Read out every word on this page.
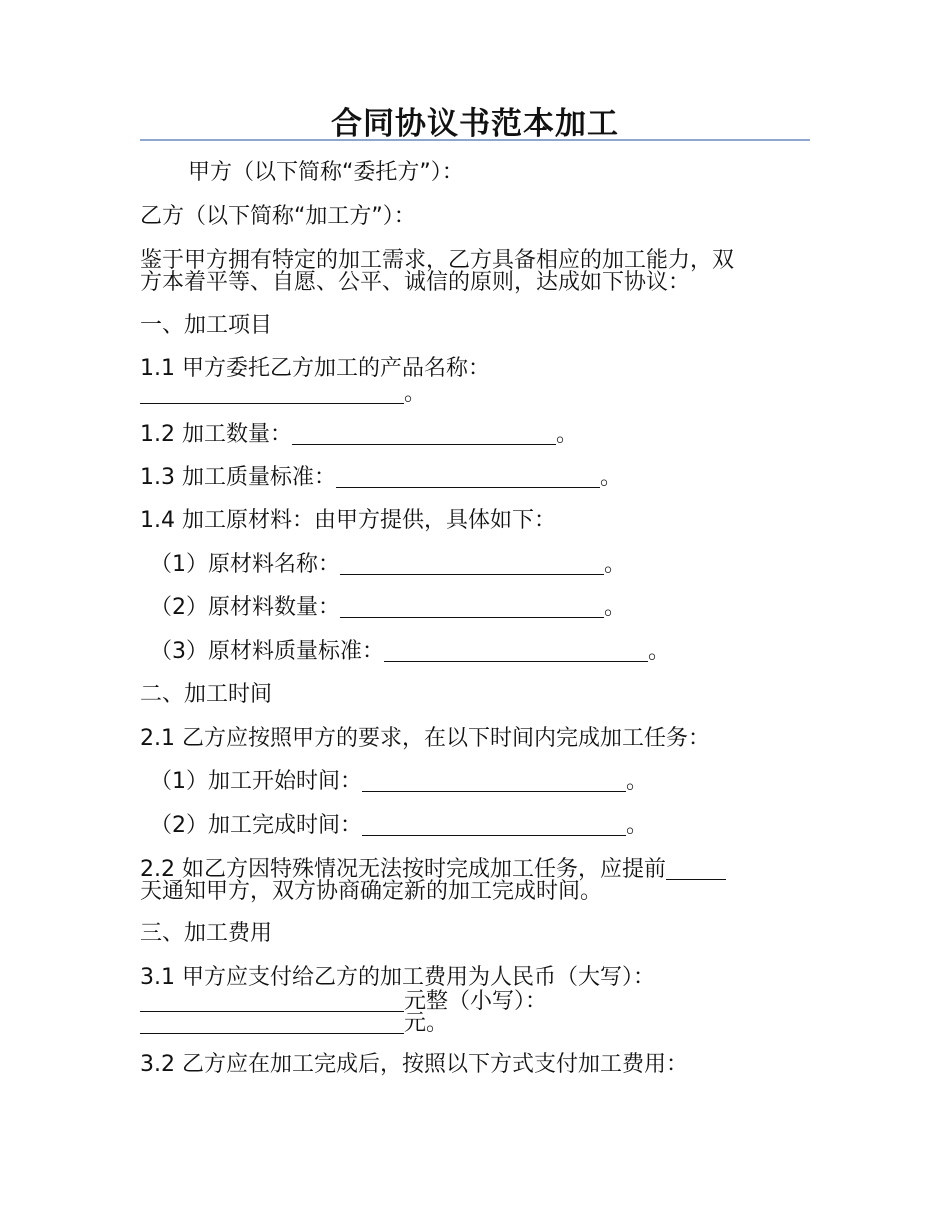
合同协议书范本加工
甲方（以下简称“委托方”）：
乙方（以下简称“加工方”）：
鉴于甲方拥有特定的加工需求，乙方具备相应的加工能力，双
方本着平等、自愿、公平、诚信的原则，达成如下协议：
一、加工项目
1.1 甲方委托乙方加工的产品名称：
。
1.2 加工数量：	。
1.3 加工质量标准：	。
1.4 加工原材料：由甲方提供，具体如下：
（1）原材料名称：	。
（2）原材料数量：	。
（3）原材料质量标准：	。
二、加工时间
2.1 乙方应按照甲方的要求，在以下时间内完成加工任务：
（1）加工开始时间：	。
（2）加工完成时间：	。
2.2 如乙方因特殊情况无法按时完成加工任务，应提前
天通知甲方，双方协商确定新的加工完成时间。
三、加工费用
3.1 甲方应支付给乙方的加工费用为人民币（大写）：
元整（小写）：
元。
3.2 乙方应在加工完成后，按照以下方式支付加工费用：
